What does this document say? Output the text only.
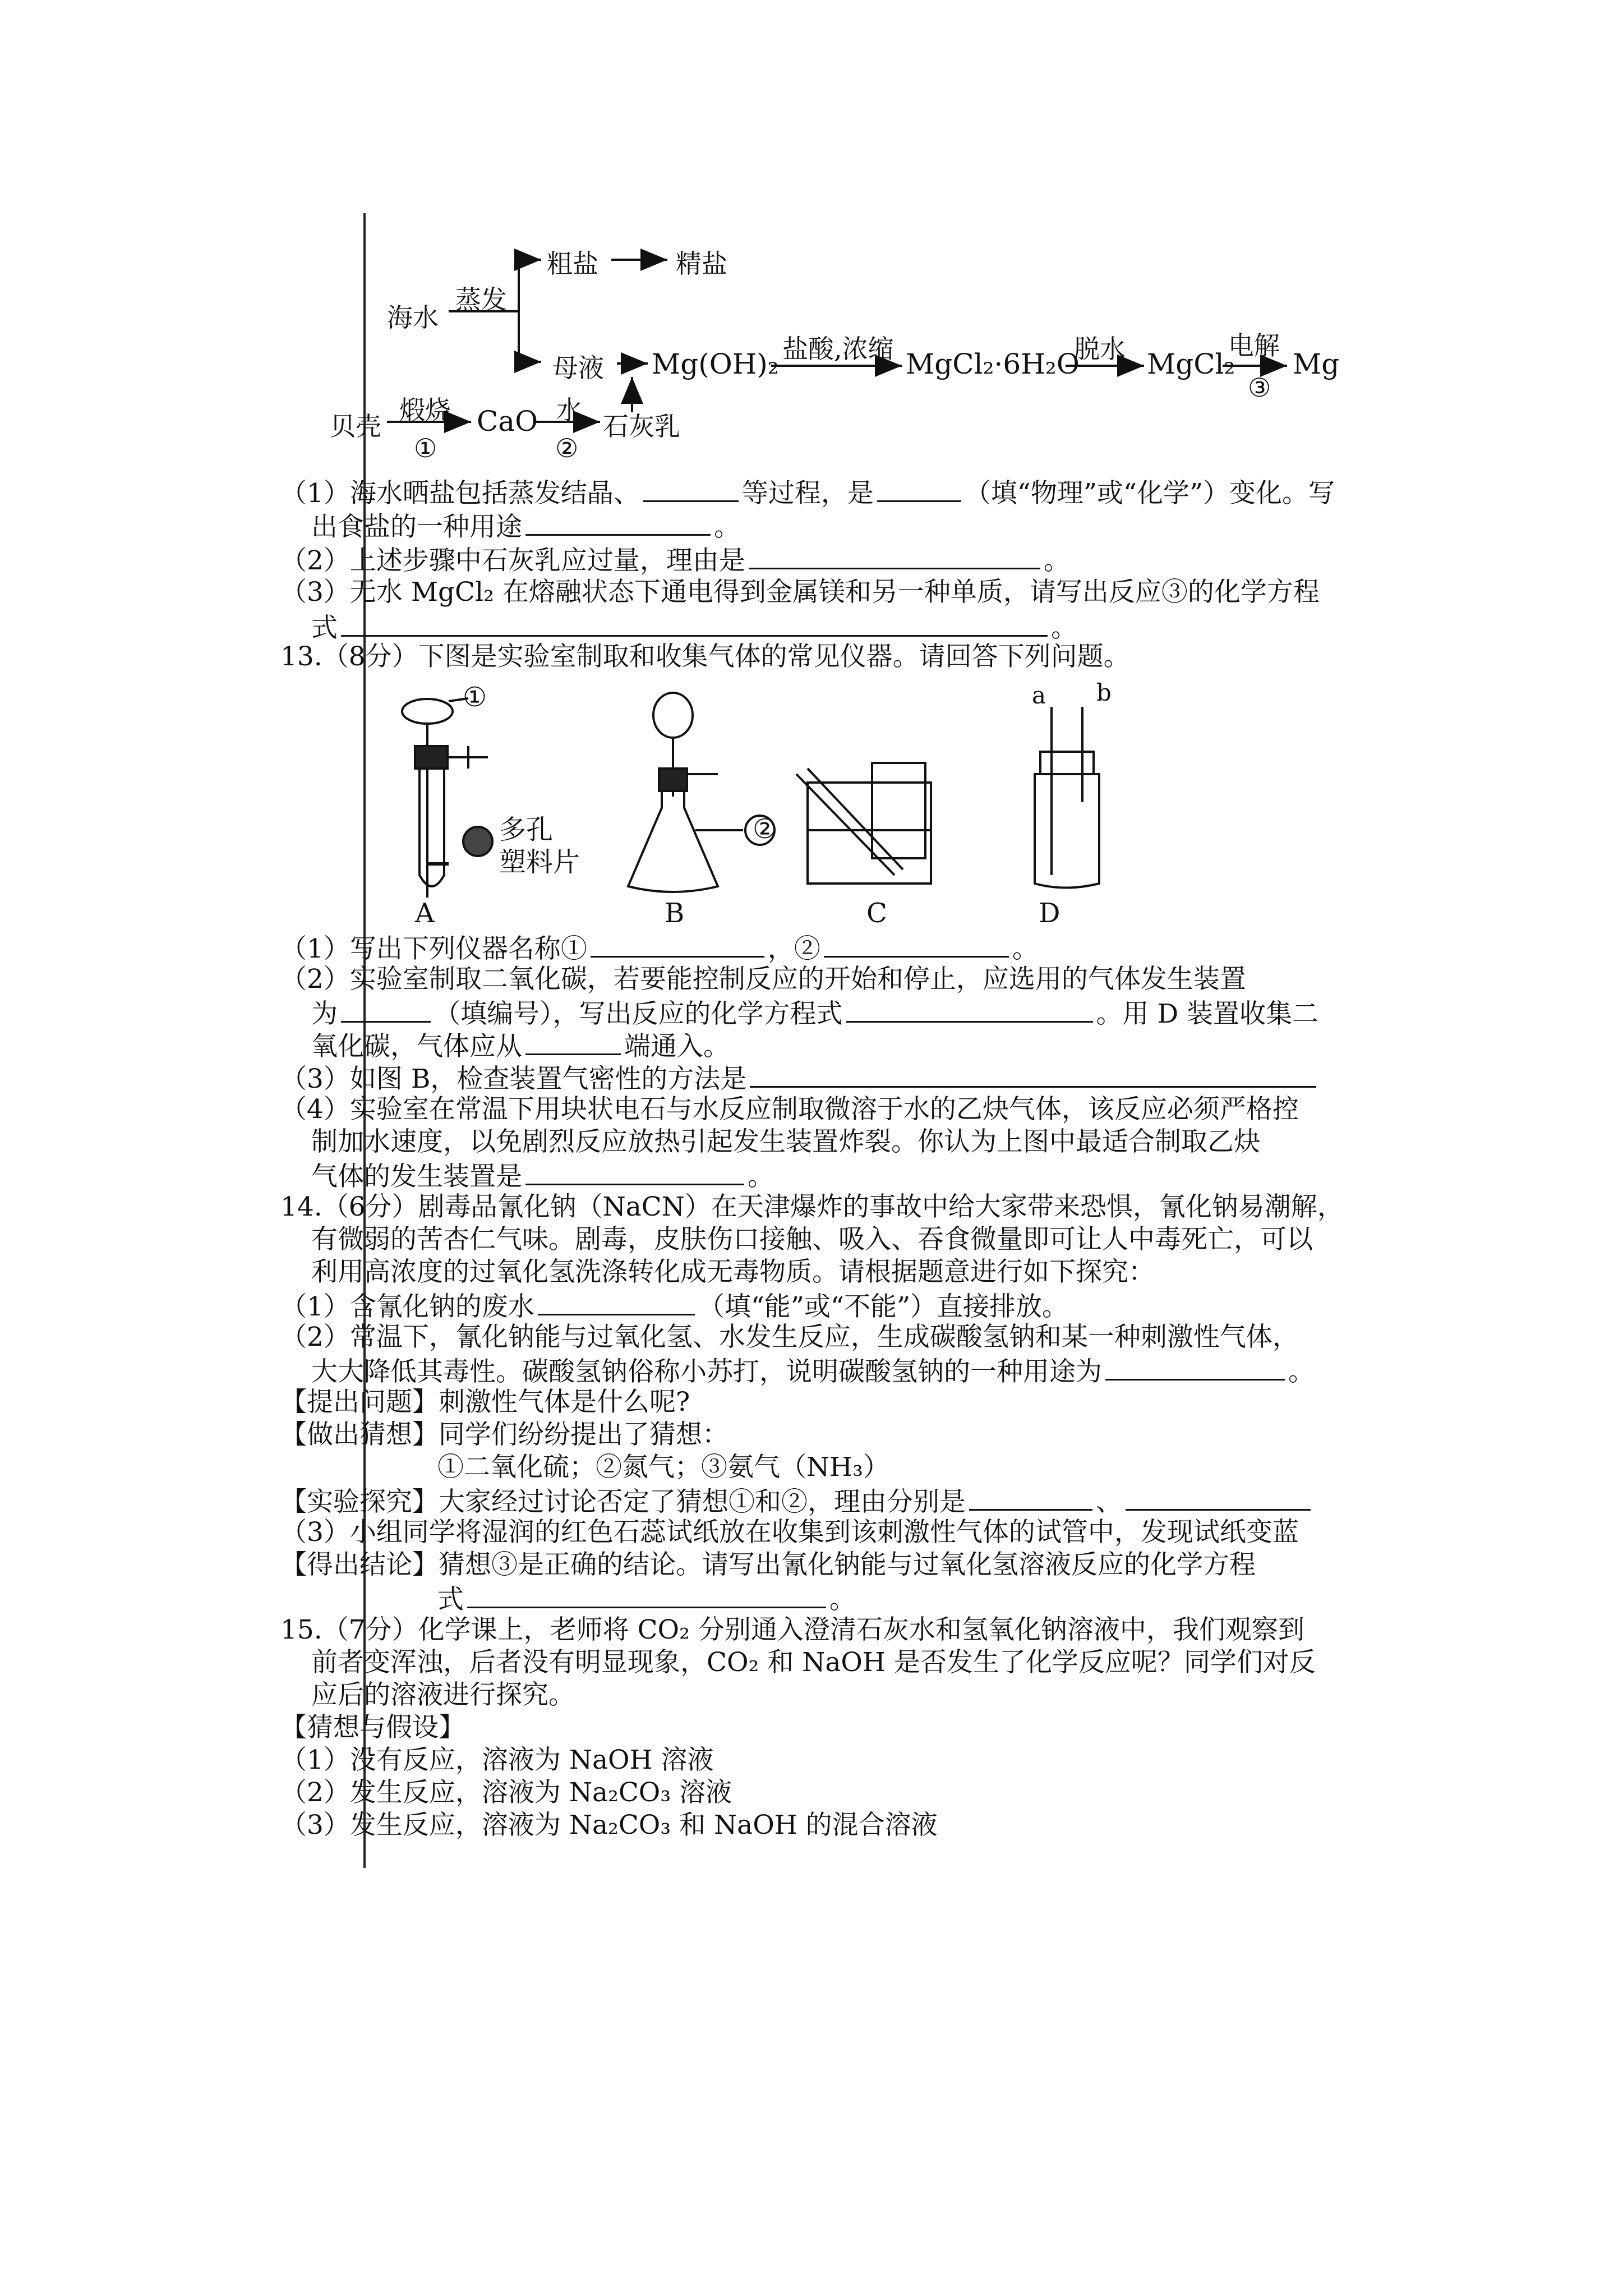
海水
蒸发
粗盐	精盐
母液 Mg(OH)₂ 盐酸,浓缩 MgCl₂·6H₂O
脱水 MgCl₂
电解
③
Mg
贝壳
煅烧
①
CaO 水
②
石灰乳
（1）海水晒盐包括蒸发结晶、	等过程，是	（填“物理”或“化学”）变化。写
出食盐的一种用途	。
（2）上述步骤中石灰乳应过量，理由是	。
（3）无水 MgCl₂ 在熔融状态下通电得到金属镁和另一种单质，请写出反应③的化学方程
式	。
13.（8分）下图是实验室制取和收集气体的常见仪器。请回答下列问题。
①
多孔
塑料片
②
a b
A	B	C	D
（1）写出下列仪器名称①	，②	。
（2）实验室制取二氧化碳，若要能控制反应的开始和停止，应选用的气体发生装置
为	（填编号），写出反应的化学方程式	。用 D 装置收集二
氧化碳，气体应从	端通入。
（3）如图 B，检查装置气密性的方法是
（4）实验室在常温下用块状电石与水反应制取微溶于水的乙炔气体，该反应必须严格控
制加水速度，以免剧烈反应放热引起发生装置炸裂。你认为上图中最适合制取乙炔
气体的发生装置是	。
14.（6分）剧毒品氰化钠（NaCN）在天津爆炸的事故中给大家带来恐惧，氰化钠易潮解，
有微弱的苦杏仁气味。剧毒，皮肤伤口接触、吸入、吞食微量即可让人中毒死亡，可以
利用高浓度的过氧化氢洗涤转化成无毒物质。请根据题意进行如下探究：
（1）含氰化钠的废水	（填“能”或“不能”）直接排放。
（2）常温下，氰化钠能与过氧化氢、水发生反应，生成碳酸氢钠和某一种刺激性气体，
大大降低其毒性。碳酸氢钠俗称小苏打，说明碳酸氢钠的一种用途为	。
【提出问题】刺激性气体是什么呢?
【做出猜想】同学们纷纷提出了猜想：
①二氧化硫；②氮气；③氨气（NH₃）
【实验探究】大家经过讨论否定了猜想①和②，理由分别是	、
（3）小组同学将湿润的红色石蕊试纸放在收集到该刺激性气体的试管中，发现试纸变蓝
【得出结论】猜想③是正确的结论。请写出氰化钠能与过氧化氢溶液反应的化学方程
式	。
15.（7分）化学课上，老师将 CO₂ 分别通入澄清石灰水和氢氧化钠溶液中，我们观察到
前者变浑浊，后者没有明显现象，CO₂ 和 NaOH 是否发生了化学反应呢？同学们对反
应后的溶液进行探究。
【猜想与假设】
（1）没有反应，溶液为 NaOH 溶液
（2）发生反应，溶液为 Na₂CO₃ 溶液
（3）发生反应，溶液为 Na₂CO₃ 和 NaOH 的混合溶液
